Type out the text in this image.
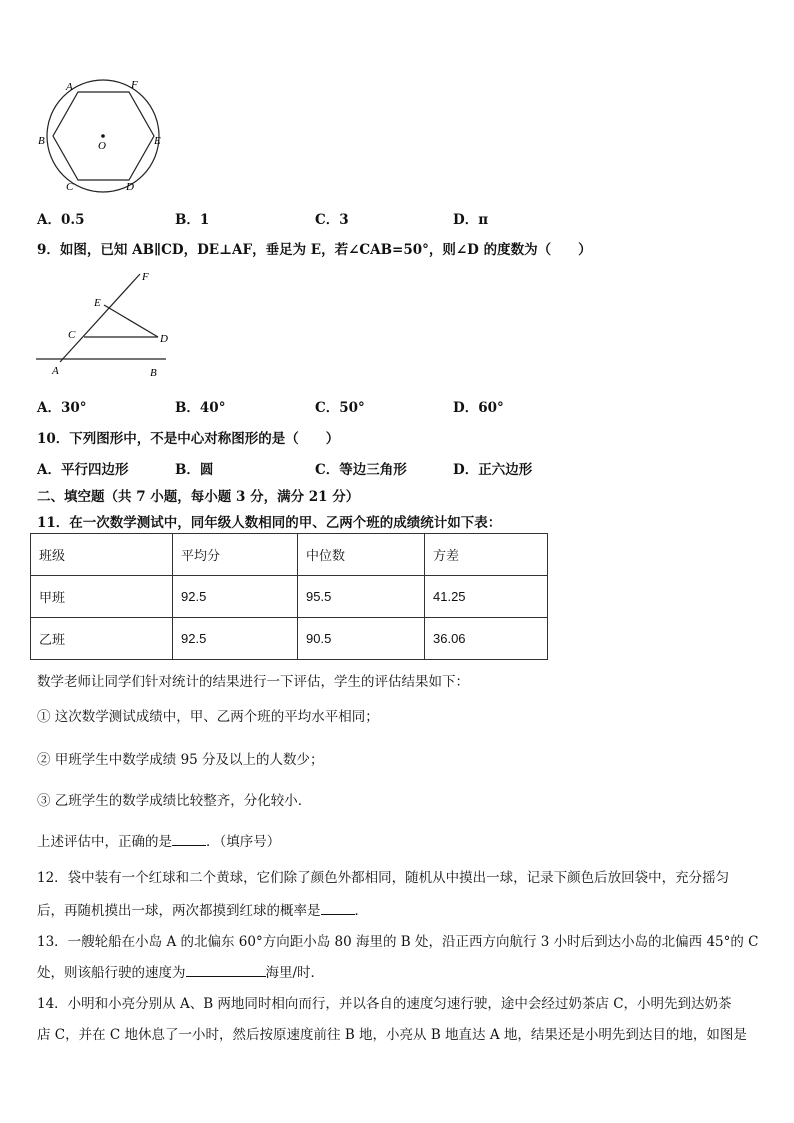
A	F
B	E
C	D
O
A．0.5	B．1	C．3	D．π
9．如图，已知 AB∥CD，DE⊥AF，垂足为 E，若∠CAB=50°，则∠D 的度数为（　　）
F
E
C	D
A	B
A．30°	B．40°	C．50°	D．60°
10．下列图形中，不是中心对称图形的是（　　）
A．平行四边形	B．圆	C．等边三角形	D．正六边形
二、填空题（共 7 小题，每小题 3 分，满分 21 分）
11．在一次数学测试中，同年级人数相同的甲、乙两个班的成绩统计如下表：
班级	平均分	中位数	方差
甲班	92.5	95.5	41.25
乙班	92.5	90.5	36.06
数学老师让同学们针对统计的结果进行一下评估，学生的评估结果如下：
① 这次数学测试成绩中，甲、乙两个班的平均水平相同；
② 甲班学生中数学成绩 95 分及以上的人数少；
③ 乙班学生的数学成绩比较整齐，分化较小．
上述评估中，正确的是	．（填序号）
12．袋中装有一个红球和二个黄球，它们除了颜色外都相同，随机从中摸出一球，记录下颜色后放回袋中，充分摇匀
后，再随机摸出一球，两次都摸到红球的概率是	．
13．一艘轮船在小岛 A 的北偏东 60°方向距小岛 80 海里的 B 处，沿正西方向航行 3 小时后到达小岛的北偏西 45°的 C
处，则该船行驶的速度为	海里/时．
14．小明和小亮分别从 A、B 两地同时相向而行，并以各自的速度匀速行驶，途中会经过奶茶店 C，小明先到达奶茶
店 C，并在 C 地休息了一小时，然后按原速度前往 B 地，小亮从 B 地直达 A 地，结果还是小明先到达目的地，如图是
